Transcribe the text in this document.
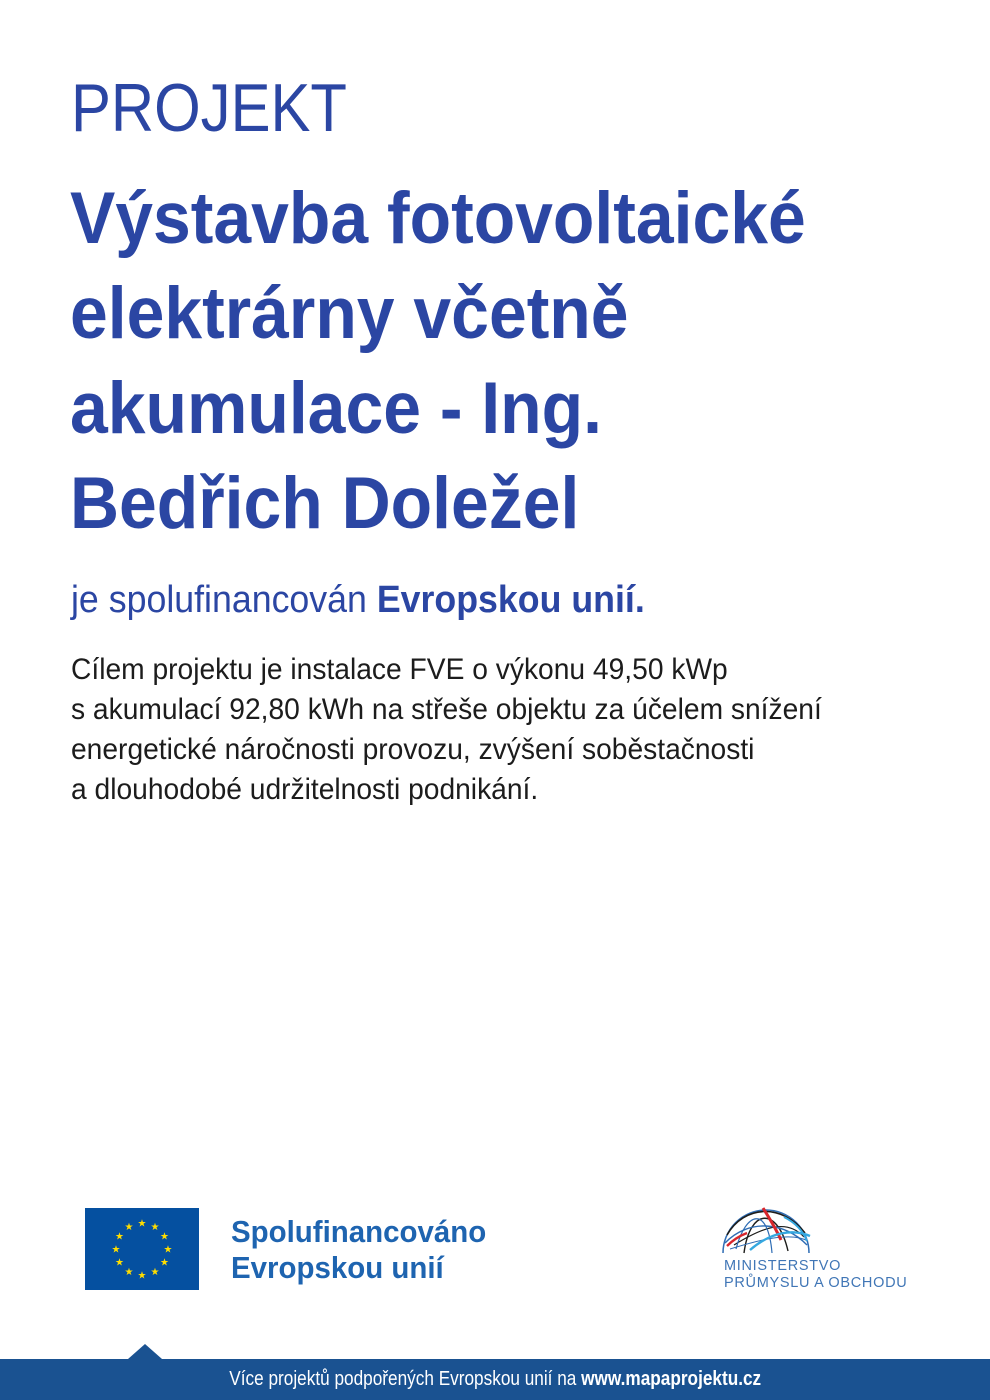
PROJEKT
Výstavba fotovoltaické
elektrárny včetně
akumulace - Ing.
Bedřich Doležel
je spolufinancován Evropskou unií.
Cílem projektu je instalace FVE o výkonu 49,50 kWp
s akumulací 92,80 kWh na střeše objektu za účelem snížení
energetické náročnosti provozu, zvýšení soběstačnosti
a dlouhodobé udržitelnosti podnikání.
★ ★
★
★
★
★
★
★
★
★
★
★	Spolufinancováno
Evropskou unií	MINISTERSTVO
PRŮMYSLU A OBCHODU
Více projektů podpořených Evropskou unií na www.mapaprojektu.cz
